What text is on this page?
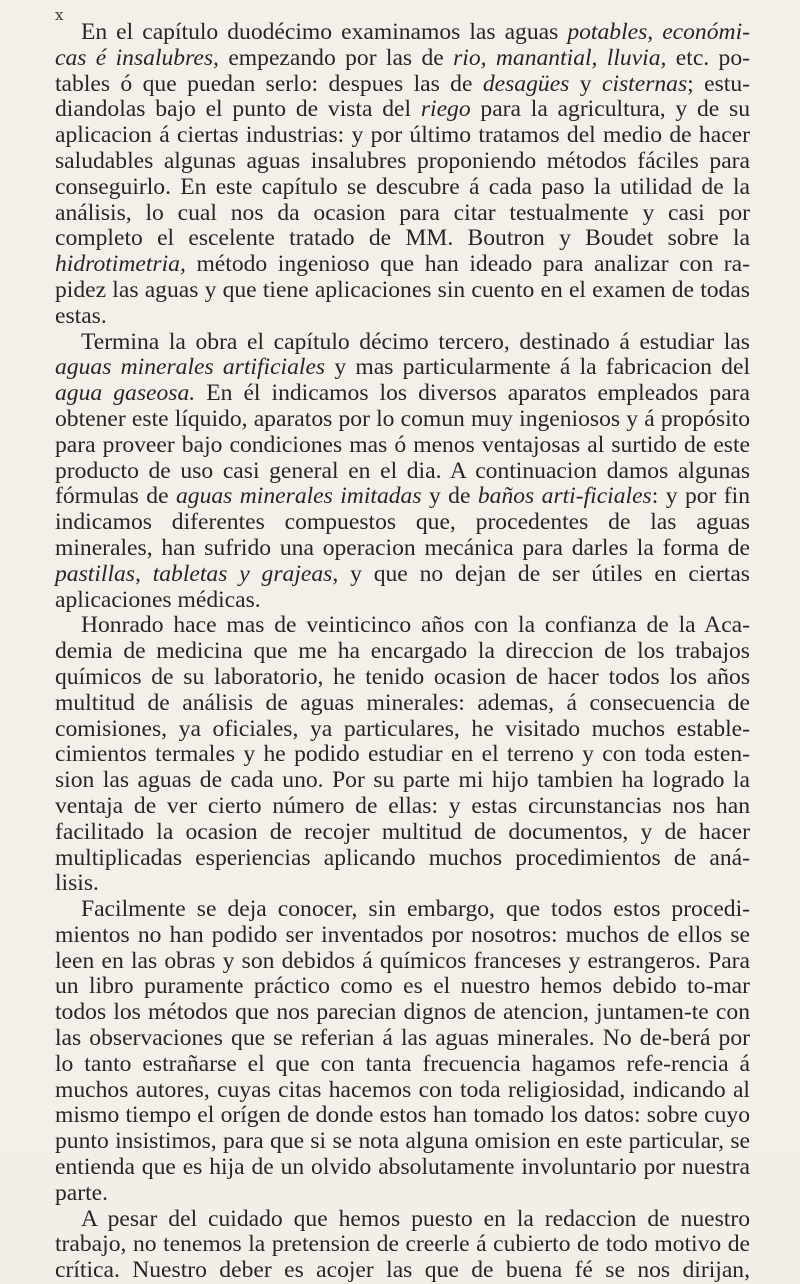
x

En el capítulo duodécimo examinamos las aguas potables, económi-cas é insalubres, empezando por las de rio, manantial, lluvia, etc. po-tables ó que puedan serlo: despues las de desagües y cisternas; estu-diandolas bajo el punto de vista del riego para la agricultura, y de su aplicacion á ciertas industrias: y por último tratamos del medio de hacer saludables algunas aguas insalubres proponiendo métodos fáciles para conseguirlo. En este capítulo se descubre á cada paso la utilidad de la análisis, lo cual nos da ocasion para citar testualmente y casi por completo el escelente tratado de MM. Boutron y Boudet sobre la hidrotimetria, método ingenioso que han ideado para analizar con ra-pidez las aguas y que tiene aplicaciones sin cuento en el examen de todas estas.

Termina la obra el capítulo décimo tercero, destinado á estudiar las aguas minerales artificiales y mas particularmente á la fabricacion del agua gaseosa. En él indicamos los diversos aparatos empleados para obtener este líquido, aparatos por lo comun muy ingeniosos y á propósito para proveer bajo condiciones mas ó menos ventajosas al surtido de este producto de uso casi general en el dia. A continuacion damos algunas fórmulas de aguas minerales imitadas y de baños arti-ficiales: y por fin indicamos diferentes compuestos que, procedentes de las aguas minerales, han sufrido una operacion mecánica para darles la forma de pastillas, tabletas y grajeas, y que no dejan de ser útiles en ciertas aplicaciones médicas.

Honrado hace mas de veinticinco años con la confianza de la Aca-demia de medicina que me ha encargado la direccion de los trabajos químicos de su laboratorio, he tenido ocasion de hacer todos los años multitud de análisis de aguas minerales: ademas, á consecuencia de comisiones, ya oficiales, ya particulares, he visitado muchos estable-cimientos termales y he podido estudiar en el terreno y con toda esten-sion las aguas de cada uno. Por su parte mi hijo tambien ha logrado la ventaja de ver cierto número de ellas: y estas circunstancias nos han facilitado la ocasion de recojer multitud de documentos, y de hacer multiplicadas esperiencias aplicando muchos procedimientos de aná-lisis.

Facilmente se deja conocer, sin embargo, que todos estos procedi-mientos no han podido ser inventados por nosotros: muchos de ellos se leen en las obras y son debidos á químicos franceses y estrangeros. Para un libro puramente práctico como es el nuestro hemos debido to-mar todos los métodos que nos parecian dignos de atencion, juntamen-te con las observaciones que se referian á las aguas minerales. No de-berá por lo tanto estrañarse el que con tanta frecuencia hagamos refe-rencia á muchos autores, cuyas citas hacemos con toda religiosidad, indicando al mismo tiempo el orígen de donde estos han tomado los datos: sobre cuyo punto insistimos, para que si se nota alguna omision en este particular, se entienda que es hija de un olvido absolutamente involuntario por nuestra parte.

A pesar del cuidado que hemos puesto en la redaccion de nuestro trabajo, no tenemos la pretension de creerle á cubierto de todo motivo de crítica. Nuestro deber es acojer las que de buena fé se nos dirijan,
